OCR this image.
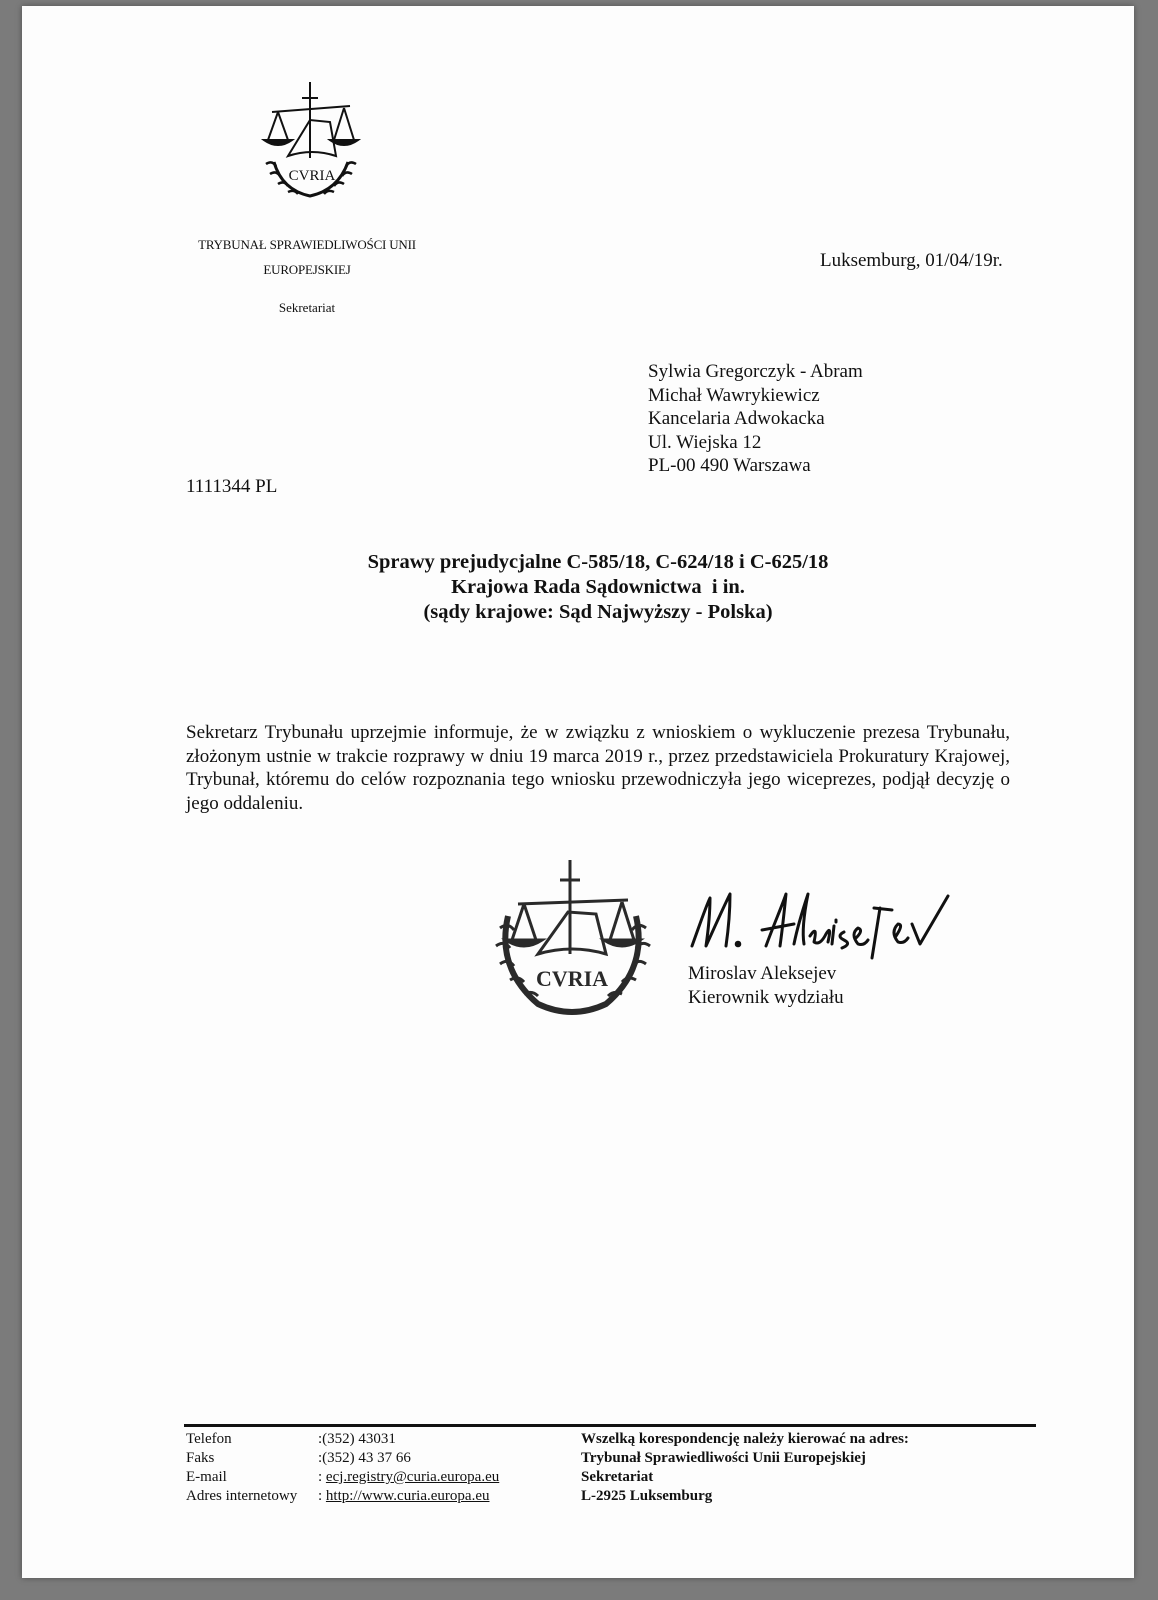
CVRIA
TRYBUNAŁ SPRAWIEDLIWOŚCI UNII
EUROPEJSKIEJ
Sekretariat
Luksemburg, 01/04/19r.
Sylwia Gregorczyk - Abram
Michał Wawrykiewicz
Kancelaria Adwokacka
Ul. Wiejska 12
PL-00 490 Warszawa
1111344 PL
Sprawy prejudycjalne C-585/18, C-624/18 i C-625/18
Krajowa Rada Sądownictwa  i in.
(sądy krajowe: Sąd Najwyższy - Polska)
Sekretarz Trybunału uprzejmie informuje, że w związku z wnioskiem o wykluczenie prezesa Trybunału, złożonym ustnie w trakcie rozprawy w dniu 19 marca 2019 r., przez przedstawiciela Prokuratury Krajowej, Trybunał, któremu do celów rozpoznania tego wniosku przewodniczyła jego wiceprezes, podjął decyzję o jego oddaleniu.
CVRIA
M. Aleksejev
Miroslav Aleksejev
Kierownik wydziału
Telefon	:(352) 43031
Faks	:(352) 43 37 66
E-mail	: ecj.registry@curia.europa.eu
Adres internetowy	: http://www.curia.europa.eu
Wszelką korespondencję należy kierować na adres:
Trybunał Sprawiedliwości Unii Europejskiej
Sekretariat
L-2925 Luksemburg
